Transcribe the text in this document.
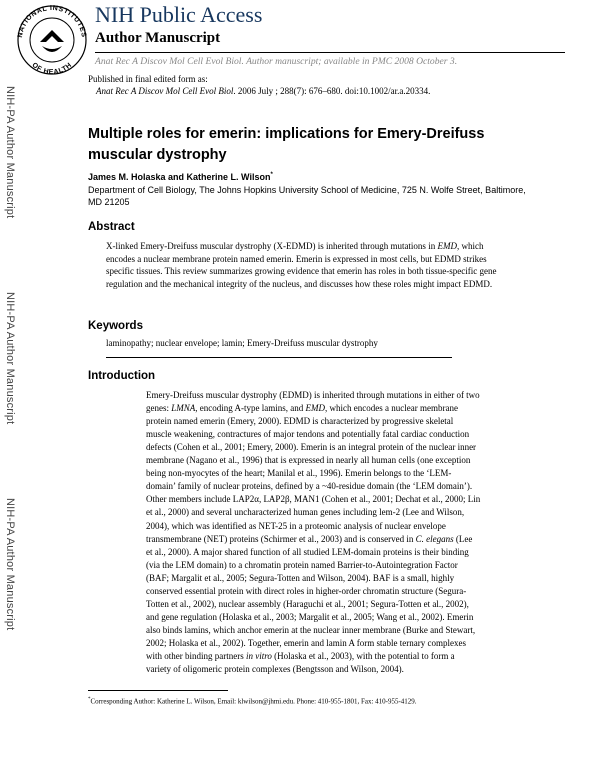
NATIONAL INSTITUTES
OF HEALTH
NIH Public Access
Author Manuscript
Anat Rec A Discov Mol Cell Evol Biol. Author manuscript; available in PMC 2008 October 3.
Published in final edited form as:
Anat Rec A Discov Mol Cell Evol Biol. 2006 July ; 288(7): 676–680. doi:10.1002/ar.a.20334.
NIH-PA Author Manuscript
NIH-PA Author Manuscript
NIH-PA Author Manuscript
Multiple roles for emerin: implications for Emery-Dreifuss muscular dystrophy
James M. Holaska and Katherine L. Wilson*
Department of Cell Biology, The Johns Hopkins University School of Medicine, 725 N. Wolfe Street, Baltimore, MD 21205
Abstract
X-linked Emery-Dreifuss muscular dystrophy (X-EDMD) is inherited through mutations in EMD, which encodes a nuclear membrane protein named emerin. Emerin is expressed in most cells, but EDMD strikes specific tissues. This review summarizes growing evidence that emerin has roles in both tissue-specific gene regulation and the mechanical integrity of the nucleus, and discusses how these roles might impact EDMD.
Keywords
laminopathy; nuclear envelope; lamin; Emery-Dreifuss muscular dystrophy
Introduction
Emery-Dreifuss muscular dystrophy (EDMD) is inherited through mutations in either of two
genes: LMNA, encoding A-type lamins, and EMD, which encodes a nuclear membrane
protein named emerin (Emery, 2000). EDMD is characterized by progressive skeletal
muscle weakening, contractures of major tendons and potentially fatal cardiac conduction
defects (Cohen et al., 2001; Emery, 2000). Emerin is an integral protein of the nuclear inner
membrane (Nagano et al., 1996) that is expressed in nearly all human cells (one exception
being non-myocytes of the heart; Manilal et al., 1996). Emerin belongs to the ‘LEM-
domain’ family of nuclear proteins, defined by a ~40-residue domain (the ‘LEM domain’).
Other members include LAP2α, LAP2β, MAN1 (Cohen et al., 2001; Dechat et al., 2000; Lin
et al., 2000) and several uncharacterized human genes including lem-2 (Lee and Wilson,
2004), which was identified as NET-25 in a proteomic analysis of nuclear envelope
transmembrane (NET) proteins (Schirmer et al., 2003) and is conserved in C. elegans (Lee
et al., 2000). A major shared function of all studied LEM-domain proteins is their binding
(via the LEM domain) to a chromatin protein named Barrier-to-Autointegration Factor
(BAF; Margalit et al., 2005; Segura-Totten and Wilson, 2004). BAF is a small, highly
conserved essential protein with direct roles in higher-order chromatin structure (Segura-
Totten et al., 2002), nuclear assembly (Haraguchi et al., 2001; Segura-Totten et al., 2002),
and gene regulation (Holaska et al., 2003; Margalit et al., 2005; Wang et al., 2002). Emerin
also binds lamins, which anchor emerin at the nuclear inner membrane (Burke and Stewart,
2002; Holaska et al., 2002). Together, emerin and lamin A form stable ternary complexes
with other binding partners in vitro (Holaska et al., 2003), with the potential to form a
variety of oligomeric protein complexes (Bengtsson and Wilson, 2004).
*Corresponding Author: Katherine L. Wilson, Email: klwilson@jhmi.edu. Phone: 410-955-1801, Fax: 410-955-4129.
